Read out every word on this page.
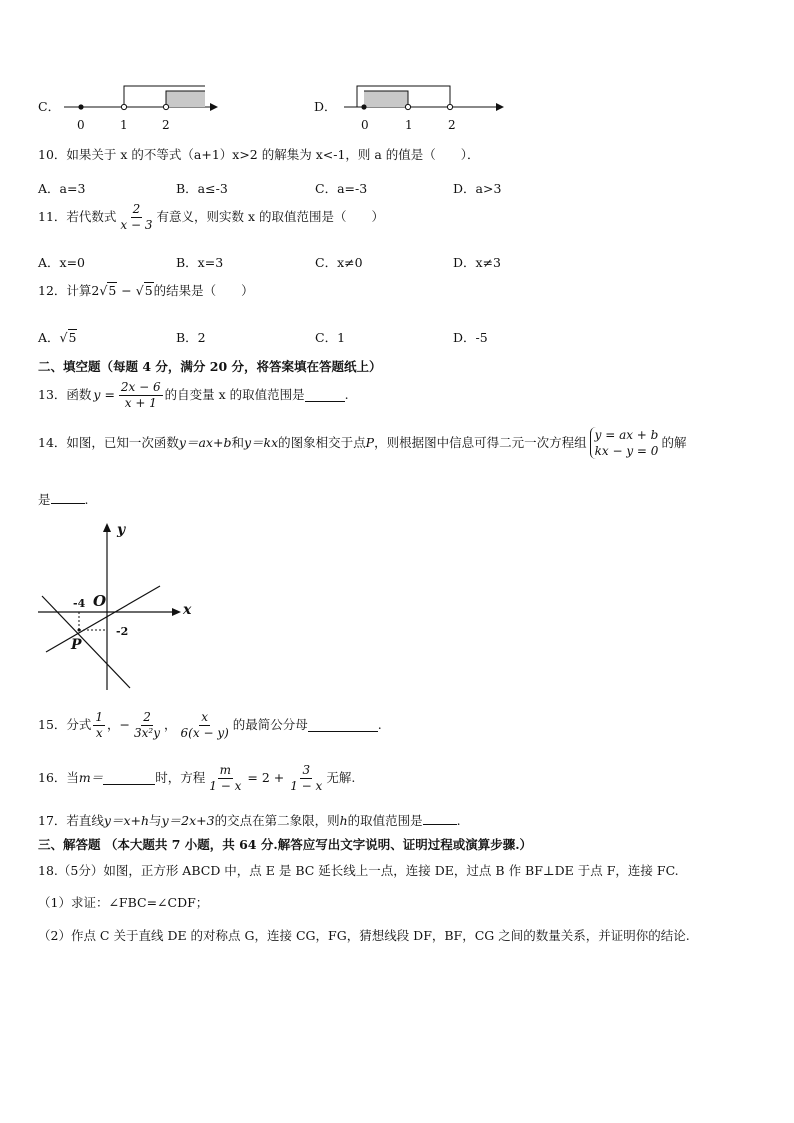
C．
0	1	2
D．
0	1	2
10．如果关于 x 的不等式（a+1）x>2 的解集为 x<-1，则 a 的值是（　　）．
A．a=3	B．a≤-3	C．a=-3	D．a>3
11．若代数式 $\frac{2}{x - 3}$ 有意义，则实数 x 的取值范围是（　　）
A．x=0	B．x=3	C．x≠0	D．x≠3
12．计算2√5 − √5的结果是（　　）
A．√5	B．2	C．1	D．-5
二、填空题（每题 4 分，满分 20 分，将答案填在答题纸上）
13．函数 $y = \frac{2x - 6}{x + 1}$ 的自变量 x 的取值范围是	.
14．如图，已知一次函数 y＝ax+b 和 y＝kx 的图象相交于点 P ，则根据图中信息可得二元一次方程组 y = ax + b
kx − y = 0
的解
是	.
y
x
O
P
-4
-2
15．分式 $\frac{1}{x}$ ，− $\frac{2}{\text{3x²y}}$ ， $\frac{x}{6(x - y)}$ 的最简公分母	.
16．当 m＝	时，方程 $\frac{m}{1 - x} = 2 + \frac{3}{1 - x}$ 无解.
17．若直线y＝x+h与y＝2x+3的交点在第二象限，则h的取值范围是	.
三、解答题 （本大题共 7 小题，共 64 分.解答应写出文字说明、证明过程或演算步骤.）
18.（5分）如图，正方形 ABCD 中，点 E 是 BC 延长线上一点，连接 DE，过点 B 作 BF⊥DE 于点 F，连接 FC.
（1）求证：∠FBC=∠CDF；
（2）作点 C 关于直线 DE 的对称点 G，连接 CG，FG，猜想线段 DF，BF，CG 之间的数量关系，并证明你的结论.
